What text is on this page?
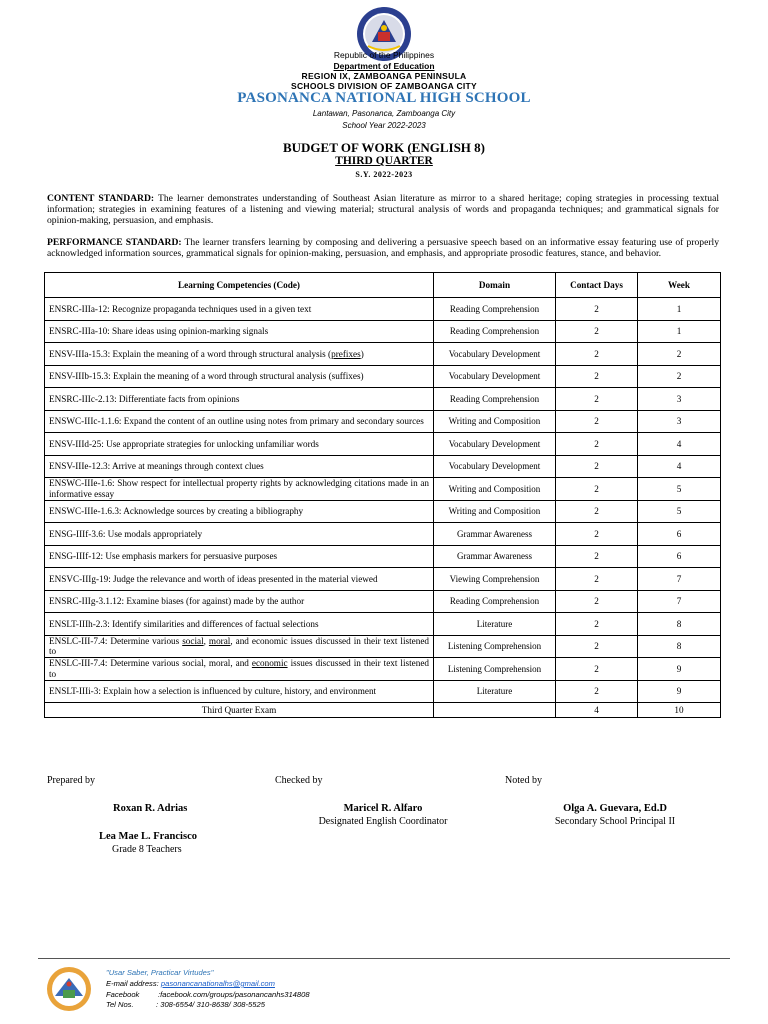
Republic of the Philippines
Department of Education
REGION IX, ZAMBOANGA PENINSULA
SCHOOLS DIVISION OF ZAMBOANGA CITY
PASONANCA NATIONAL HIGH SCHOOL
Lantawan, Pasonanca, Zamboanga City
School Year 2022-2023
BUDGET OF WORK (ENGLISH 8)
THIRD QUARTER
S.Y. 2022-2023
CONTENT STANDARD: The learner demonstrates understanding of Southeast Asian literature as mirror to a shared heritage; coping strategies in processing textual information; strategies in examining features of a listening and viewing material; structural analysis of words and propaganda techniques; and grammatical signals for opinion-making, persuasion, and emphasis.
PERFORMANCE STANDARD: The learner transfers learning by composing and delivering a persuasive speech based on an informative essay featuring use of properly acknowledged information sources, grammatical signals for opinion-making, persuasion, and emphasis, and appropriate prosodic features, stance, and behavior.
Learning Competencies (Code)	Domain	Contact Days	Week
ENSRC-IIIa-12: Recognize propaganda techniques used in a given text	Reading Comprehension	2	1
ENSRC-IIIa-10: Share ideas using opinion-marking signals	Reading Comprehension	2	1
ENSV-IIIa-15.3: Explain the meaning of a word through structural analysis (prefixes)	Vocabulary Development	2	2
ENSV-IIIb-15.3: Explain the meaning of a word through structural analysis (suffixes)	Vocabulary Development	2	2
ENSRC-IIIc-2.13: Differentiate facts from opinions	Reading Comprehension	2	3
ENSWC-IIIc-1.1.6: Expand the content of an outline using notes from primary and secondary sources	Writing and Composition	2	3
ENSV-IIId-25: Use appropriate strategies for unlocking unfamiliar words	Vocabulary Development	2	4
ENSV-IIIe-12.3: Arrive at meanings through context clues	Vocabulary Development	2	4
ENSWC-IIIe-1.6: Show respect for intellectual property rights by acknowledging citations made in an informative essay	Writing and Composition	2	5
ENSWC-IIIe-1.6.3: Acknowledge sources by creating a bibliography	Writing and Composition	2	5
ENSG-IIIf-3.6: Use modals appropriately	Grammar Awareness	2	6
ENSG-IIIf-12: Use emphasis markers for persuasive purposes	Grammar Awareness	2	6
ENSVC-IIIg-19: Judge the relevance and worth of ideas presented in the material viewed	Viewing Comprehension	2	7
ENSRC-IIIg-3.1.12: Examine biases (for against) made by the author	Reading Comprehension	2	7
ENSLT-IIIh-2.3: Identify similarities and differences of factual selections	Literature	2	8
ENSLC-III-7.4: Determine various social, moral, and economic issues discussed in their text listened to	Listening Comprehension	2	8
ENSLC-III-7.4: Determine various social, moral, and economic issues discussed in their text listened to	Listening Comprehension	2	9
ENSLT-IIIi-3: Explain how a selection is influenced by culture, history, and environment	Literature	2	9
Third Quarter Exam		4	10
Prepared by	Checked by	Noted by
Roxan R. Adrias	Maricel R. Alfaro
Designated English Coordinator
Olga A. Guevara, Ed.D
Secondary School Principal II
Lea Mae L. Francisco
Grade 8 Teachers
"Usar Saber, Practicar Virtudes"
E-mail address: pasonancanationalhs@gmail.com
Facebook :facebook.com/groups/pasonancanhs314808
Tel Nos.	: 308-6554/ 310-8638/ 308-5525
